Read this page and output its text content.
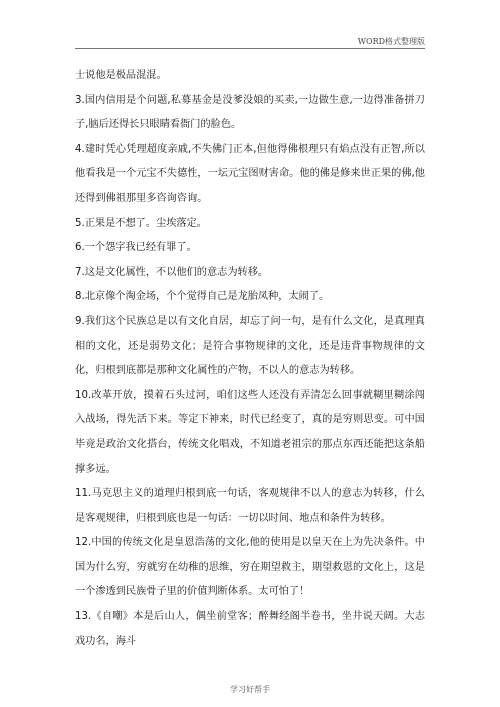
WORD格式整理版

士说他是极品混混。

3.国内信用是个问题,私募基金是没爹没娘的买卖,一边做生意,一边得准备拼刀子,脑后还得长只眼睛看衙门的脸色。

4.建时凭心凭理超度亲戚,不失佛门正本,但他得佛根理只有焰点没有正智,所以他看我是一个元宝不失德性，一坛元宝图财害命。他的佛是修来世正果的佛,他还得到佛祖那里多咨询咨询。

5.正果是不想了。尘埃落定。

6.一个怨字我已经有罪了。

7.这是文化属性，不以他们的意志为转移。

8.北京像个淘金场，个个觉得自己是龙胎凤种，太闹了。

9.我们这个民族总是以有文化自居，却忘了问一句，是有什么文化，是真理真相的文化，还是弱势文化；是符合事物规律的文化，还是违背事物规律的文化，归根到底都是那种文化属性的产物，不以人的意志为转移。

10.改革开放，摸着石头过河，咱们这些人还没有弄清怎么回事就糊里糊涂闯入战场，得先活下来。等定下神来，时代已经变了，真的是穷则思变。可中国毕竟是政治文化搭台，传统文化唱戏，不知道老祖宗的那点东西还能把这条船撑多远。

11.马克思主义的道理归根到底一句话，客观规律不以人的意志为转移，什么是客观规律，归根到底也是一句话：一切以时间、地点和条件为转移。

12.中国的传统文化是皇恩浩荡的文化,他的使用是以皇天在上为先决条件。中国为什么穷，穷就穷在幼稚的思维，穷在期望救主，期望救恩的文化上，这是一个渗透到民族骨子里的价值判断体系。太可怕了！

13.《自嘲》本是后山人，偶坐前堂客；醉舞经阁半卷书，坐井说天阔。大志戏功名，海斗

学习好帮手
